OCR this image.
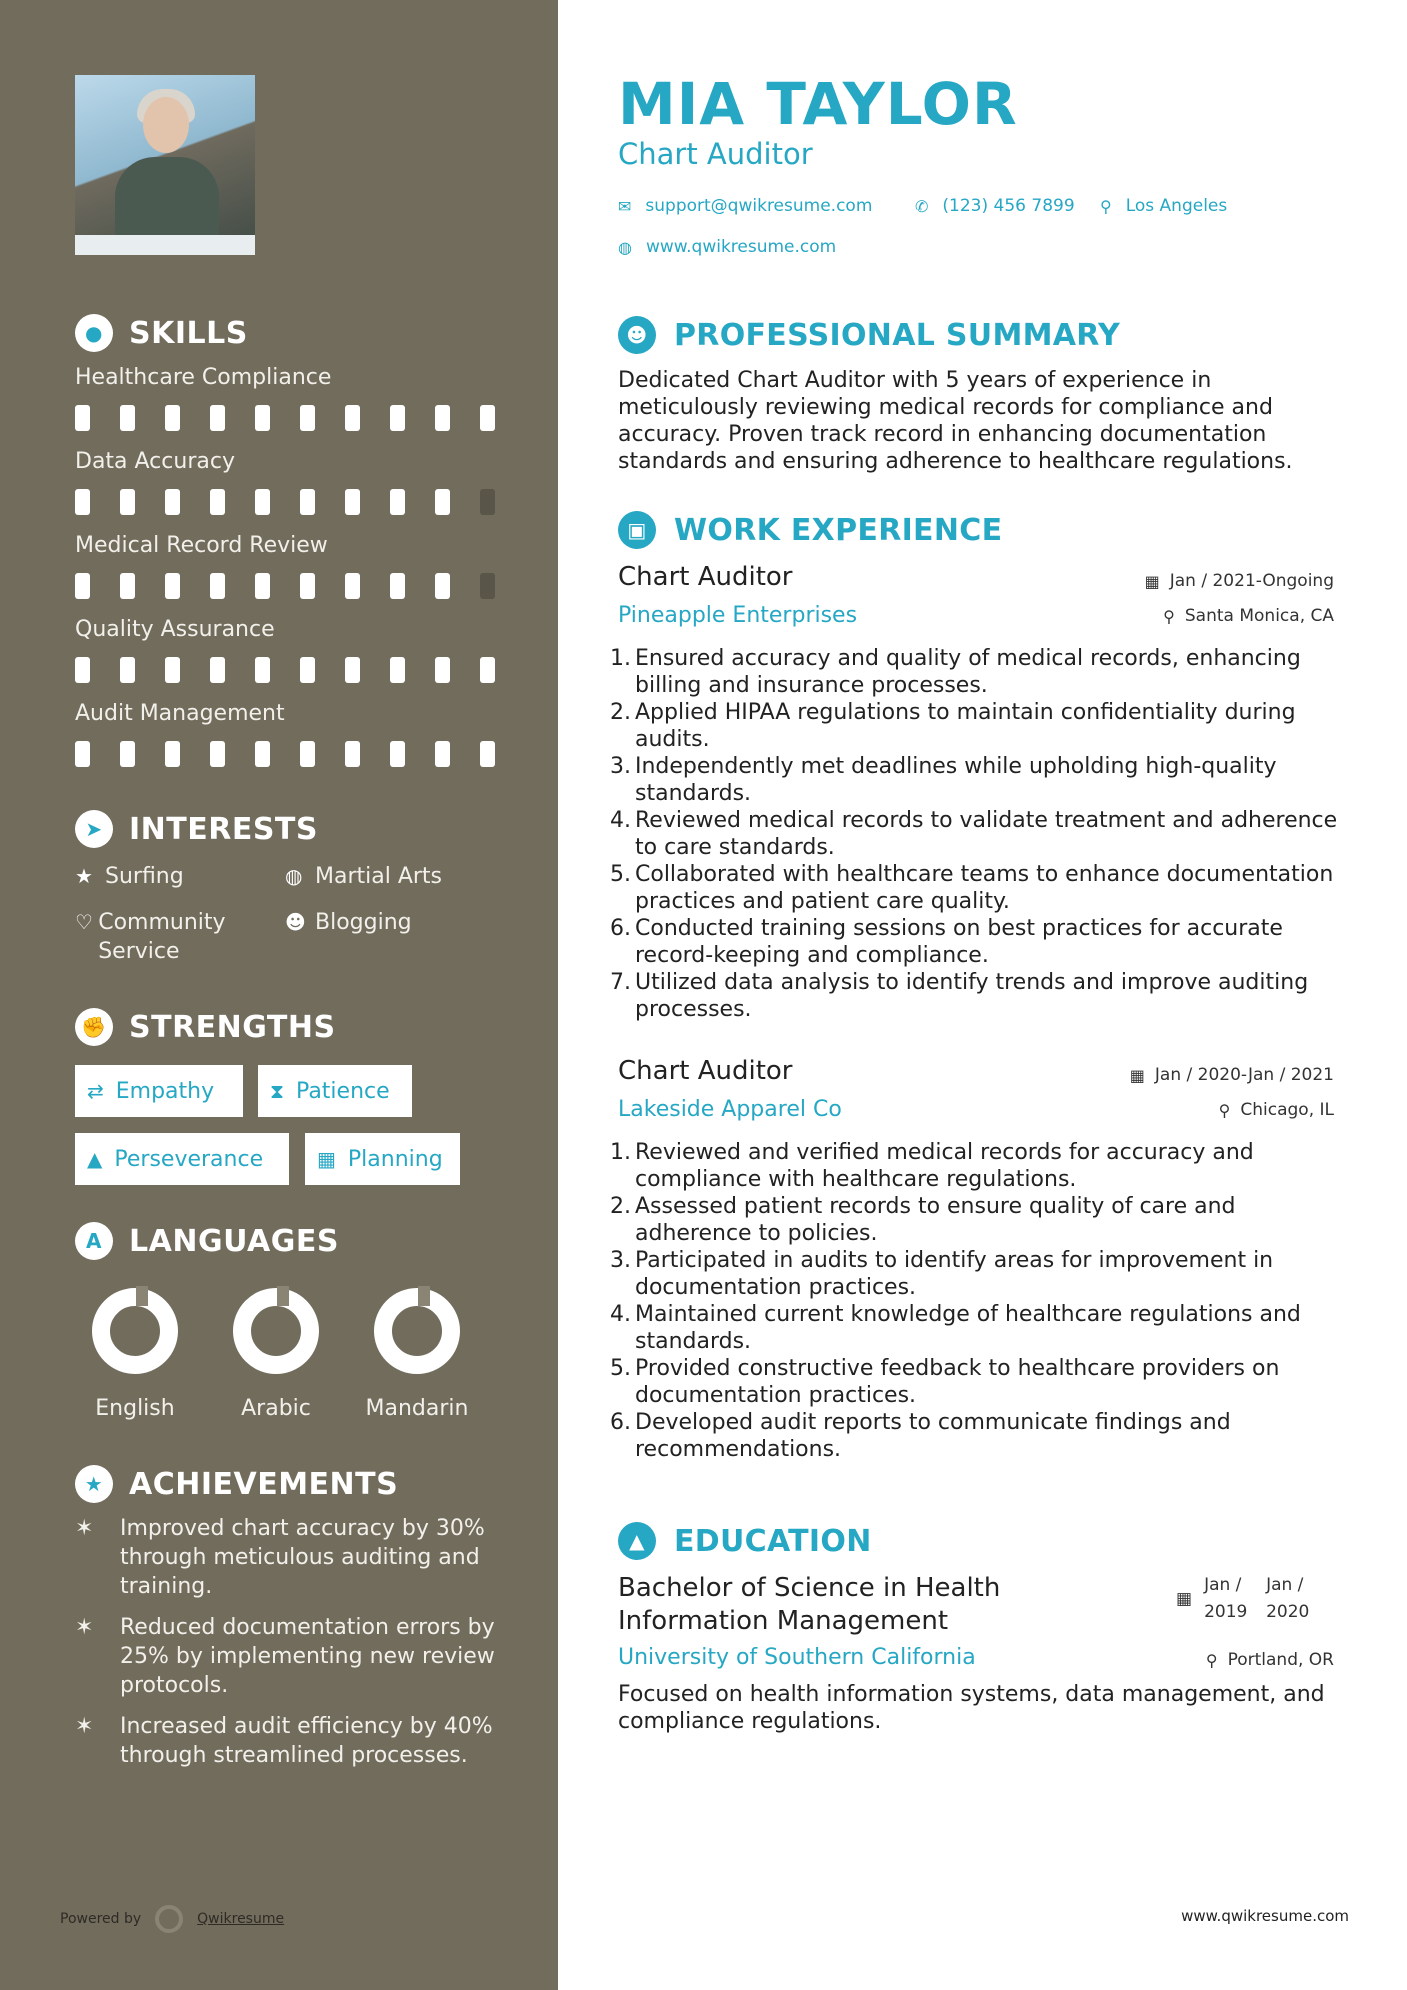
● SKILLS
Healthcare Compliance
Data Accuracy
Medical Record Review
Quality Assurance
Audit Management
➤ INTERESTS
★ Surfing	◍ Martial Arts
♡ Community Service
☻ Blogging
✊ STRENGTHS
⇄ Empathy	⧗ Patience
▲ Perseverance	▦ Planning
A LANGUAGES
English	Arabic	Mandarin
★ ACHIEVEMENTS
✶	Improved chart accuracy by 30% through meticulous auditing and training.
✶	Reduced documentation errors by 25% by implementing new review protocols.
✶	Increased audit efficiency by 40% through streamlined processes.
Powered by	Qwikresume
MIA TAYLOR
Chart Auditor
✉ support@qwikresume.com	✆ (123) 456 7899 ⚲ Los Angeles
◍ www.qwikresume.com
☻ PROFESSIONAL SUMMARY
Dedicated Chart Auditor with 5 years of experience in meticulously reviewing medical records for compliance and accuracy. Proven track record in enhancing documentation standards and ensuring adherence to healthcare regulations.
▣ WORK EXPERIENCE
Chart Auditor	▦ Jan / 2021-Ongoing
Pineapple Enterprises	⚲ Santa Monica, CA
1. Ensured accuracy and quality of medical records, enhancing billing and insurance processes.
2. Applied HIPAA regulations to maintain confidentiality during audits.
3. Independently met deadlines while upholding high-quality standards.
4. Reviewed medical records to validate treatment and adherence to care standards.
5. Collaborated with healthcare teams to enhance documentation practices and patient care quality.
6. Conducted training sessions on best practices for accurate record-keeping and compliance.
7. Utilized data analysis to identify trends and improve auditing processes.
Chart Auditor	▦ Jan / 2020-Jan / 2021
Lakeside Apparel Co	⚲ Chicago, IL
1. Reviewed and verified medical records for accuracy and compliance with healthcare regulations.
2. Assessed patient records to ensure quality of care and adherence to policies.
3. Participated in audits to identify areas for improvement in documentation practices.
4. Maintained current knowledge of healthcare regulations and standards.
5. Provided constructive feedback to healthcare providers on documentation practices.
6. Developed audit reports to communicate findings and recommendations.
▲ EDUCATION
Bachelor of Science in Health Information Management
▦
Jan / 2019
Jan / 2020
University of Southern California	⚲ Portland, OR
Focused on health information systems, data management, and compliance regulations.
www.qwikresume.com
